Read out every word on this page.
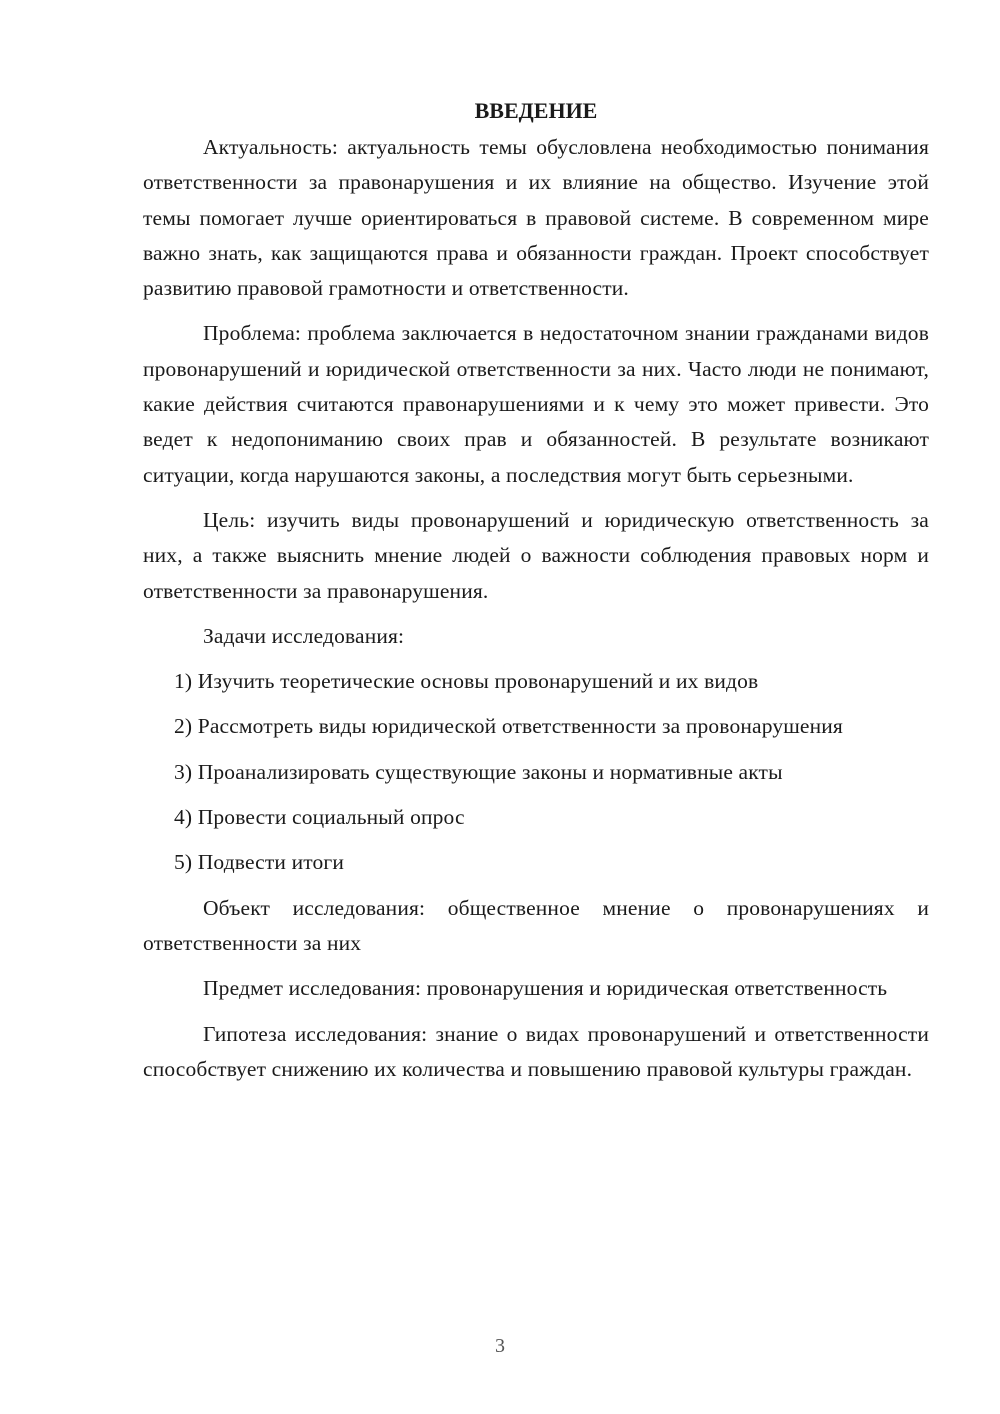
ВВЕДЕНИЕ

Актуальность: актуальность темы обусловлена необходимостью понимания ответственности за правонарушения и их влияние на общество. Изучение этой темы помогает лучше ориентироваться в правовой системе. В современном мире важно знать, как защищаются права и обязанности граждан. Проект способствует развитию правовой грамотности и ответственности.

Проблема: проблема заключается в недостаточном знании гражданами видов провонарушений и юридической ответственности за них. Часто люди не понимают, какие действия считаются правонарушениями и к чему это может привести. Это ведет к недопониманию своих прав и обязанностей. В результате возникают ситуации, когда нарушаются законы, а последствия могут быть серьезными.

Цель: изучить виды провонарушений и юридическую ответственность за них, а также выяснить мнение людей о важности соблюдения правовых норм и ответственности за правонарушения.

Задачи исследования:

1) Изучить теоретические основы провонарушений и их видов

2) Рассмотреть виды юридической ответственности за провонарушения

3) Проанализировать существующие законы и нормативные акты

4) Провести социальный опрос

5) Подвести итоги

Объект исследования: общественное мнение о провонарушениях и ответственности за них

Предмет исследования: провонарушения и юридическая ответственность

Гипотеза исследования: знание о видах провонарушений и ответственности способствует снижению их количества и повышению правовой культуры граждан.

3
